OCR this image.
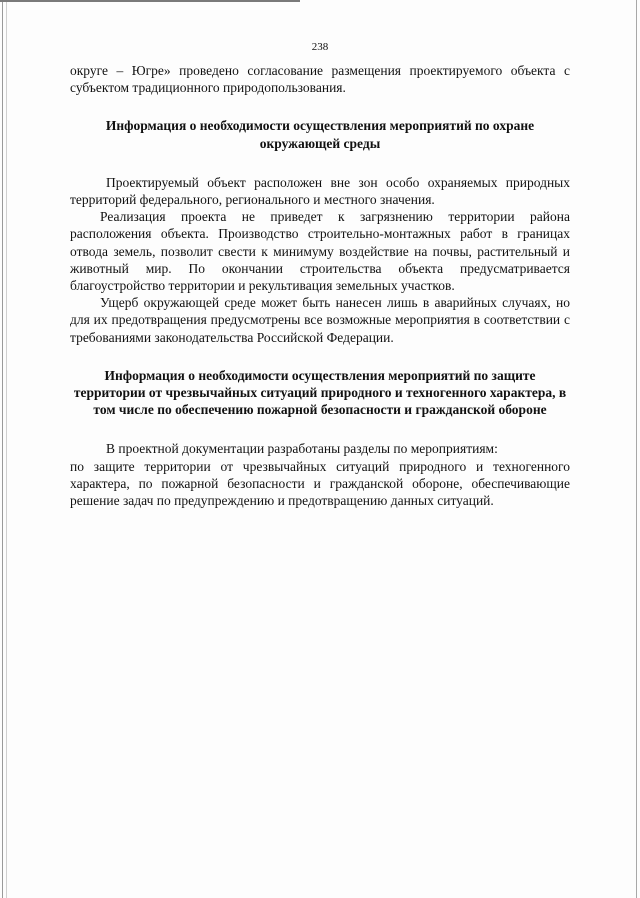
238

округе – Югре» проведено согласование размещения проектируемого объекта с субъектом традиционного природопользования.

Информация о необходимости осуществления мероприятий по охране окружающей среды

Проектируемый объект расположен вне зон особо охраняемых природных территорий федерального, регионального и местного значения.

Реализация проекта не приведет к загрязнению территории района расположения объекта. Производство строительно-монтажных работ в границах отвода земель, позволит свести к минимуму воздействие на почвы, растительный и животный мир. По окончании строительства объекта предусматривается благоустройство территории и рекультивация земельных участков.

Ущерб окружающей среде может быть нанесен лишь в аварийных случаях, но для их предотвращения предусмотрены все возможные мероприятия в соответствии с требованиями законодательства Российской Федерации.

Информация о необходимости осуществления мероприятий по защите территории от чрезвычайных ситуаций природного и техногенного характера, в том числе по обеспечению пожарной безопасности и гражданской обороне

В проектной документации разработаны разделы по мероприятиям:

по защите территории от чрезвычайных ситуаций природного и техногенного характера, по пожарной безопасности и гражданской обороне, обеспечивающие решение задач по предупреждению и предотвращению данных ситуаций.
